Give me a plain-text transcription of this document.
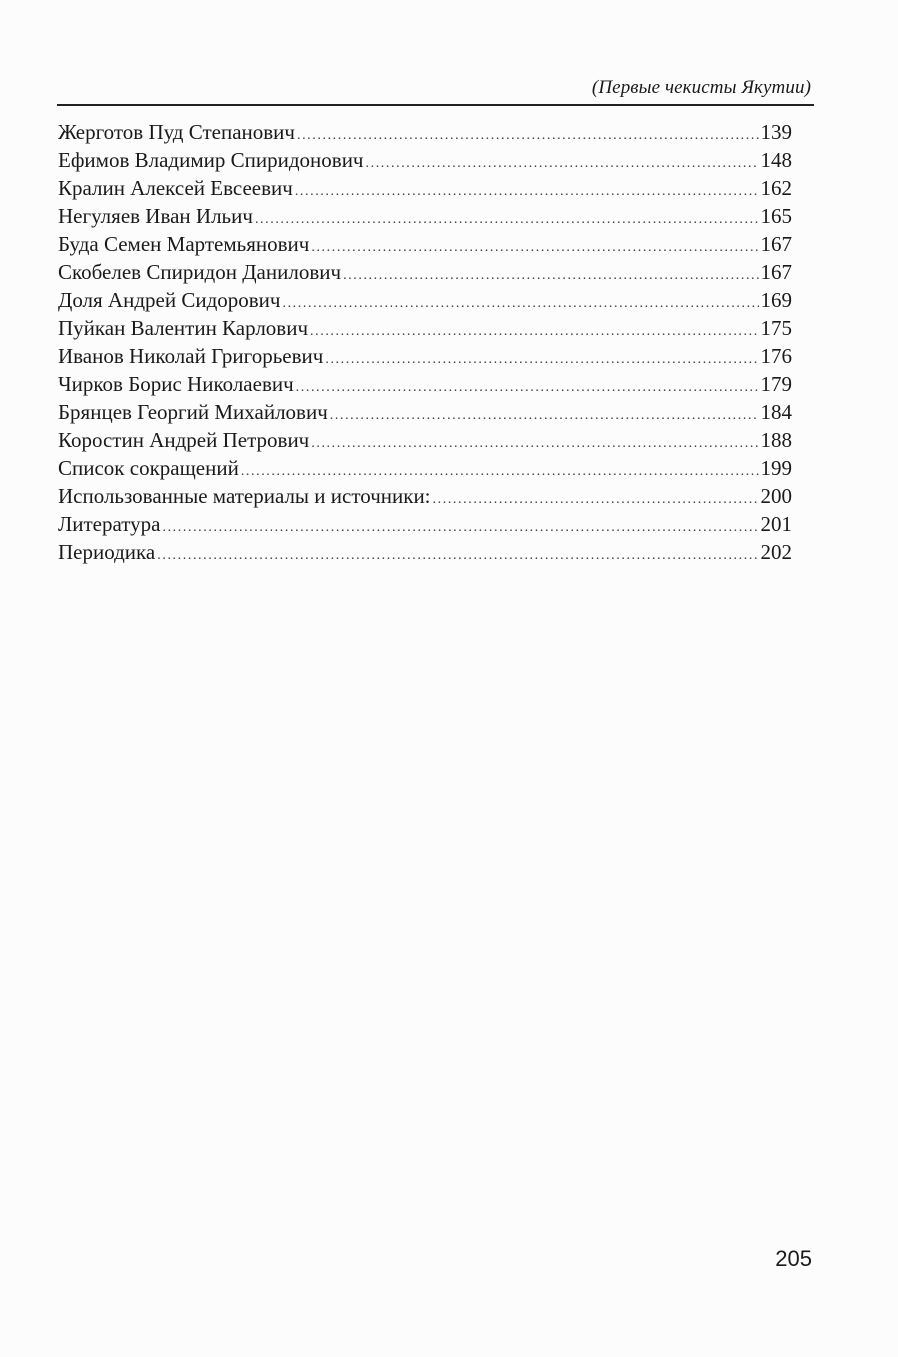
(Первые чекисты Якутии)
Жерготов Пуд Степанович .....	139
Ефимов Владимир Спиридонович .....	148
Кралин Алексей Евсеевич .....	162
Негуляев Иван Ильич .....	165
Буда Семен Мартемьянович .....	167
Скобелев Спиридон Данилович .....	167
Доля Андрей Сидорович .....	169
Пуйкан Валентин Карлович .....	175
Иванов Николай Григорьевич .....	176
Чирков Борис Николаевич .....	179
Брянцев Георгий Михайлович .....	184
Коростин Андрей Петрович .....	188
Список сокращений .....	199
Использованные материалы и источники: .....	200
Литература .....	201
Периодика .....	202
205
